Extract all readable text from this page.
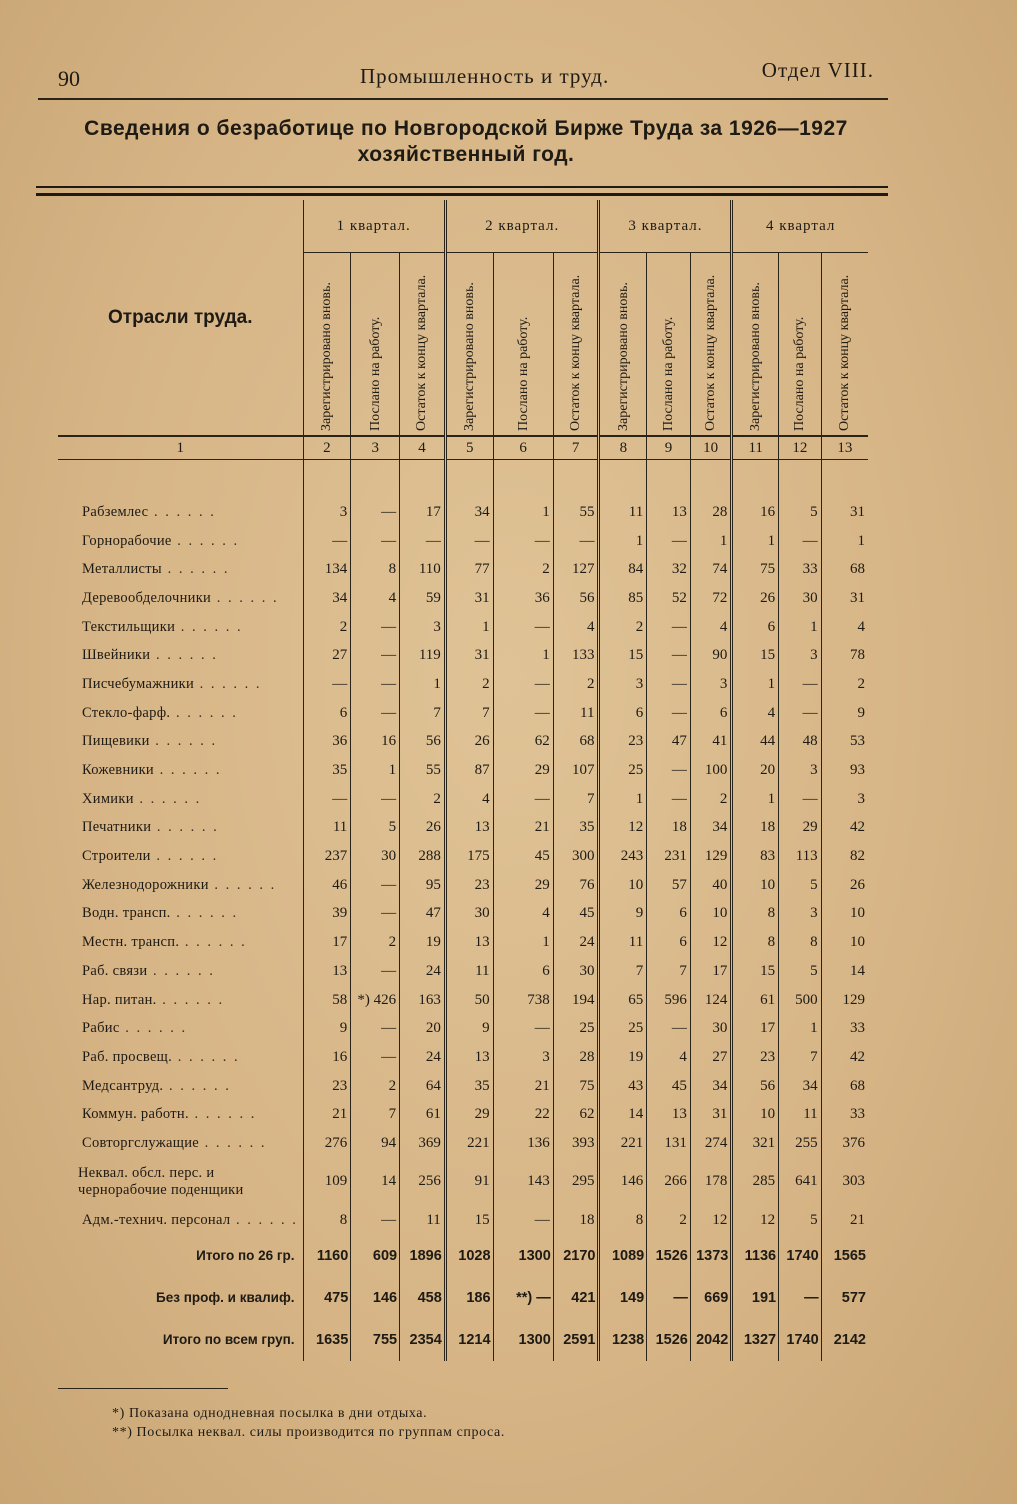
90	Промышленность и труд.	Отдел VIII.
Сведения о безработице по Новгородской Бирже Труда за 1926—1927 хозяйственный год.
Отрасли труда.	1 квартал.			2 квартал.			3 квартал.			4 квартал		

	Зарегистрировано вновь.	Послано на работу.	Остаток к концу квартала.	Зарегистрировано вновь.	Послано на работу.	Остаток к концу квартала.	Зарегистрировано вновь.	Послано на работу.	Остаток к концу квартала.	Зарегистрировано вновь.	Послано на работу.	Остаток к концу квартала.

1	2	3	4	5	6	7	8	9	10	11	12	13

Рабземлес . . . . . .	3	—	17	34	1	55	11	13	28	16	5	31
Горнорабочие . . . . . .	—	—	—	—	—	—	1	—	1	1	—	1
Металлисты . . . . . .	134	8	110	77	2	127	84	32	74	75	33	68
Деревообделочники . . . . . .	34	4	59	31	36	56	85	52	72	26	30	31
Текстильщики . . . . . .	2	—	3	1	—	4	2	—	4	6	1	4
Швейники . . . . . .	27	—	119	31	1	133	15	—	90	15	3	78
Писчебумажники . . . . . .	—	—	1	2	—	2	3	—	3	1	—	2
Стекло-фарф. . . . . . .	6	—	7	7	—	11	6	—	6	4	—	9
Пищевики . . . . . .	36	16	56	26	62	68	23	47	41	44	48	53
Кожевники . . . . . .	35	1	55	87	29	107	25	—	100	20	3	93
Химики . . . . . .	—	—	2	4	—	7	1	—	2	1	—	3
Печатники . . . . . .	11	5	26	13	21	35	12	18	34	18	29	42
Строители . . . . . .	237	30	288	175	45	300	243	231	129	83	113	82
Железнодорожники . . . . . .	46	—	95	23	29	76	10	57	40	10	5	26
Водн. трансп. . . . . . .	39	—	47	30	4	45	9	6	10	8	3	10
Местн. трансп. . . . . . .	17	2	19	13	1	24	11	6	12	8	8	10
Раб. связи . . . . . .	13	—	24	11	6	30	7	7	17	15	5	14
Нар. питан. . . . . . .	58	*) 426	163	50	738	194	65	596	124	61	500	129
Рабис . . . . . .	9	—	20	9	—	25	25	—	30	17	1	33
Раб. просвещ. . . . . . .	16	—	24	13	3	28	19	4	27	23	7	42
Медсантруд. . . . . . .	23	2	64	35	21	75	43	45	34	56	34	68
Коммун. работн. . . . . . .	21	7	61	29	22	62	14	13	31	10	11	33
Совторгслужащие . . . . . .	276	94	369	221	136	393	221	131	274	321	255	376
Неквал. обсл. перс. и чернорабочие поденщики	109	14	256	91	143	295	146	266	178	285	641	303
Адм.-технич. персонал . . . . . .	8	—	11	15	—	18	8	2	12	12	5	21
Итого по 26 гр.	1160	609	1896	1028	1300	2170	1089	1526	1373	1136	1740	1565
Без проф. и квалиф.	475	146	458	186	**) —	421	149	—	669	191	—	577
Итого по всем груп.	1635	755	2354	1214	1300	2591	1238	1526	2042	1327	1740	2142
*) Показана однодневная посылка в дни отдыха.
**) Посылка неквал. силы производится по группам спроса.
